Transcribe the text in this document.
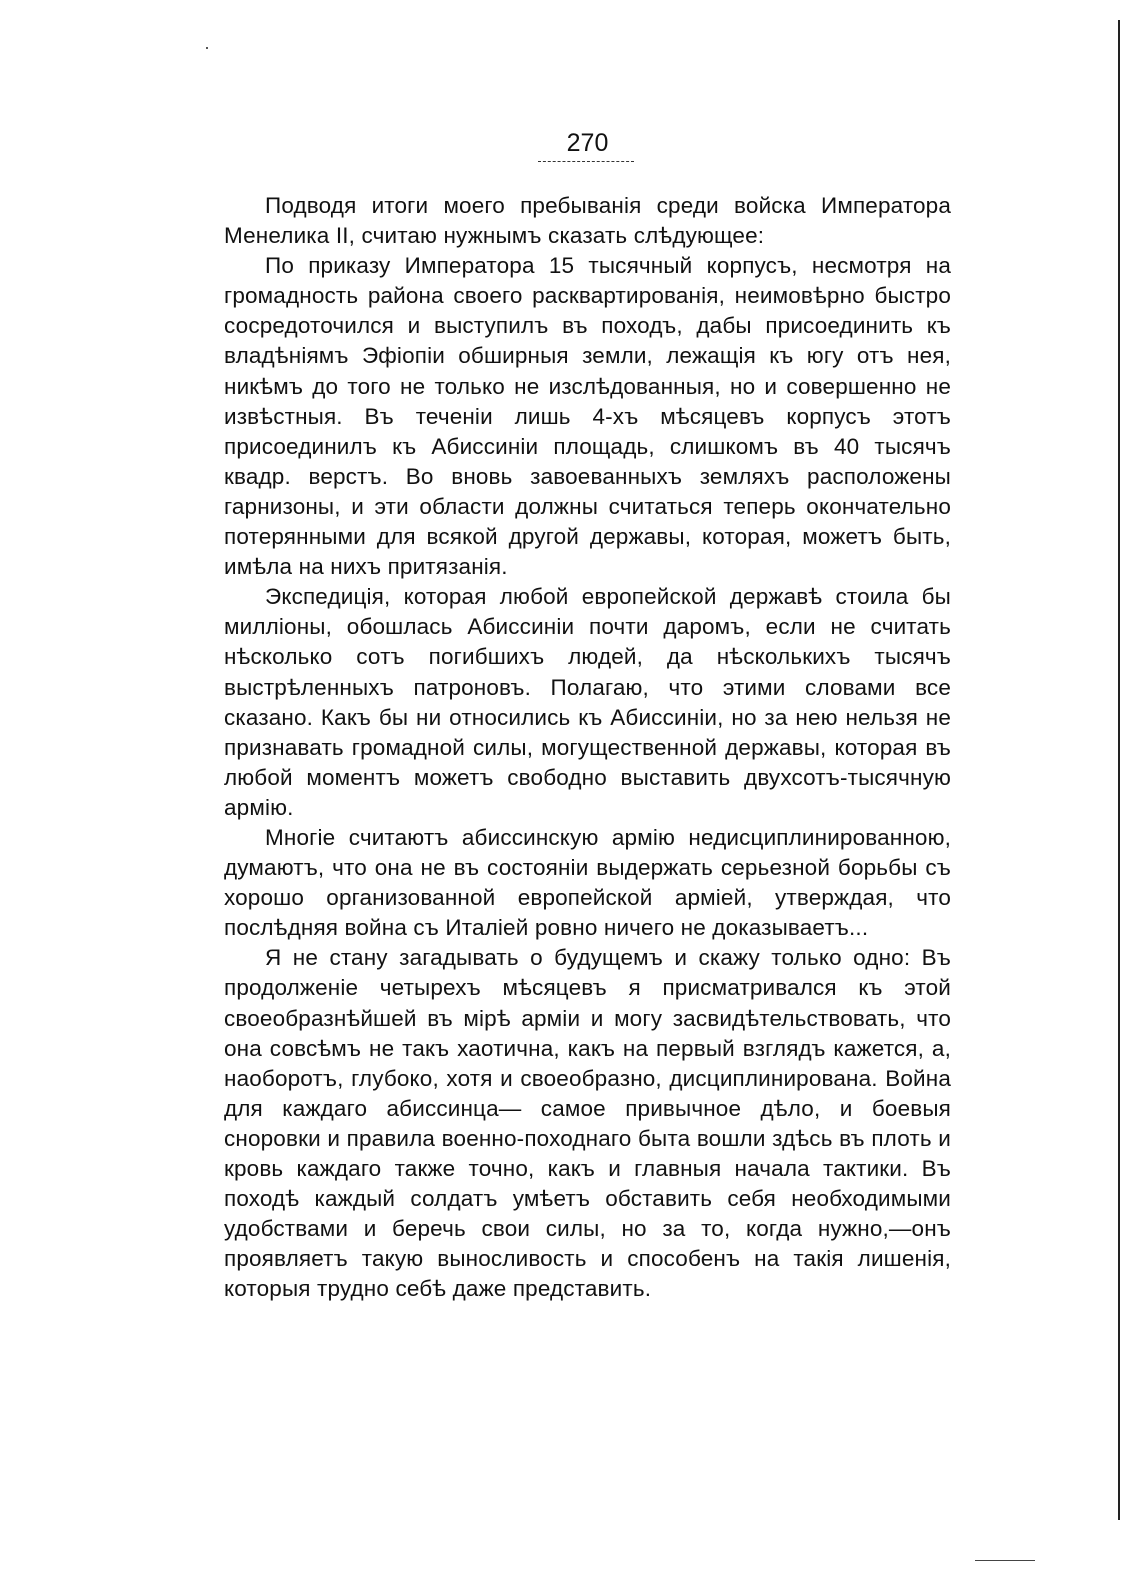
270

Подводя итоги моего пребыванія среди войска Императора Менелика II, считаю нужнымъ сказать слѣдующее:

По приказу Императора 15 тысячный корпусъ, несмотря на громадность района своего расквартированія, неимовѣрно быстро сосредоточился и выступилъ въ походъ, дабы присоединить къ владѣніямъ Эфіопіи обширныя земли, лежащія къ югу отъ нея, никѣмъ до того не только не изслѣдованныя, но и совершенно не извѣстныя. Въ теченіи лишь 4-хъ мѣсяцевъ корпусъ этотъ присоединилъ къ Абиссиніи площадь, слишкомъ въ 40 тысячъ квадр. верстъ. Во вновь завоеванныхъ земляхъ расположены гарнизоны, и эти области должны считаться теперь окончательно потерянными для всякой другой державы, которая, можетъ быть, имѣла на нихъ притязанія.

Экспедиція, которая любой европейской державѣ стоила бы милліоны, обошлась Абиссиніи почти даромъ, если не считать нѣсколько сотъ погибшихъ людей, да нѣсколькихъ тысячъ выстрѣленныхъ патроновъ. Полагаю, что этими словами все сказано. Какъ бы ни относились къ Абиссиніи, но за нею нельзя не признавать громадной силы, могущественной державы, которая въ любой моментъ можетъ свободно выставить двухсотъ-тысячную армію.

Многіе считаютъ абиссинскую армію недисциплинированною, думаютъ, что она не въ состояніи выдержать серьезной борьбы съ хорошо организованной европейской арміей, утверждая, что послѣдняя война съ Италіей ровно ничего не доказываетъ...

Я не стану загадывать о будущемъ и скажу только одно: Въ продолженіе четырехъ мѣсяцевъ я присматривался къ этой своеобразнѣйшей въ мірѣ арміи и могу засвидѣтельствовать, что она совсѣмъ не такъ хаотична, какъ на первый взглядъ кажется, а, наоборотъ, глубоко, хотя и своеобразно, дисциплинирована. Война для каждаго абиссинца— самое привычное дѣло, и боевыя сноровки и правила военно-походнаго быта вошли здѣсь въ плоть и кровь каждаго также точно, какъ и главныя начала тактики. Въ походѣ каждый солдатъ умѣетъ обставить себя необходимыми удобствами и беречь свои силы, но за то, когда нужно,—онъ проявляетъ такую выносливость и способенъ на такія лишенія, которыя трудно себѣ даже представить.
